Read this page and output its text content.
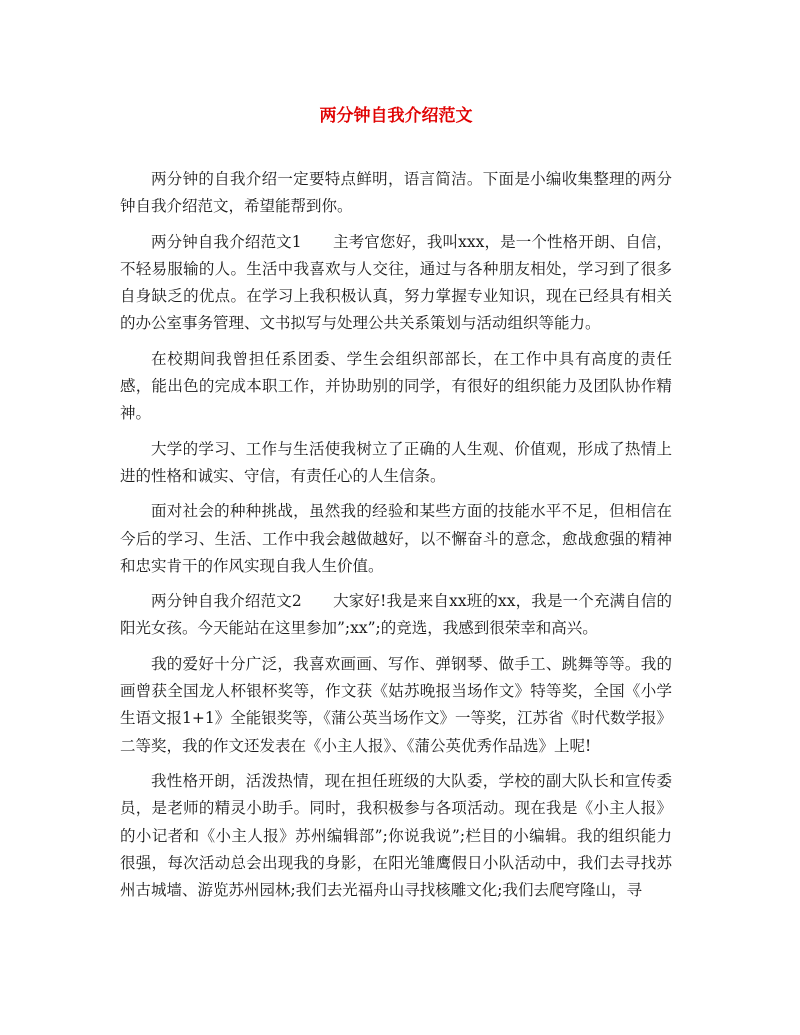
两分钟自我介绍范文

两分钟的自我介绍一定要特点鲜明，语言简洁。下面是小编收集整理的两分钟自我介绍范文，希望能帮到你。

两分钟自我介绍范文1　　主考官您好，我叫xxx，是一个性格开朗、自信，不轻易服输的人。生活中我喜欢与人交往，通过与各种朋友相处，学习到了很多自身缺乏的优点。在学习上我积极认真，努力掌握专业知识，现在已经具有相关的办公室事务管理、文书拟写与处理公共关系策划与活动组织等能力。

在校期间我曾担任系团委、学生会组织部部长，在工作中具有高度的责任感，能出色的完成本职工作，并协助别的同学，有很好的组织能力及团队协作精神。

大学的学习、工作与生活使我树立了正确的人生观、价值观，形成了热情上进的性格和诚实、守信，有责任心的人生信条。

面对社会的种种挑战，虽然我的经验和某些方面的技能水平不足，但相信在今后的学习、生活、工作中我会越做越好，以不懈奋斗的意念，愈战愈强的精神和忠实肯干的作风实现自我人生价值。

两分钟自我介绍范文2　　大家好!我是来自xx班的xx，我是一个充满自信的阳光女孩。今天能站在这里参加”;xx”;的竞选，我感到很荣幸和高兴。

我的爱好十分广泛，我喜欢画画、写作、弹钢琴、做手工、跳舞等等。我的画曾获全国龙人杯银杯奖等，作文获《姑苏晚报当场作文》特等奖，全国《小学生语文报1+1》全能银奖等，《蒲公英当场作文》一等奖，江苏省《时代数学报》二等奖，我的作文还发表在《小主人报》、《蒲公英优秀作品选》上呢!

我性格开朗，活泼热情，现在担任班级的大队委，学校的副大队长和宣传委员，是老师的精灵小助手。同时，我积极参与各项活动。现在我是《小主人报》的小记者和《小主人报》苏州编辑部”;你说我说”;栏目的小编辑。我的组织能力很强，每次活动总会出现我的身影，在阳光雏鹰假日小队活动中，我们去寻找苏州古城墙、游览苏州园林;我们去光福舟山寻找核雕文化;我们去爬穹隆山，寻
